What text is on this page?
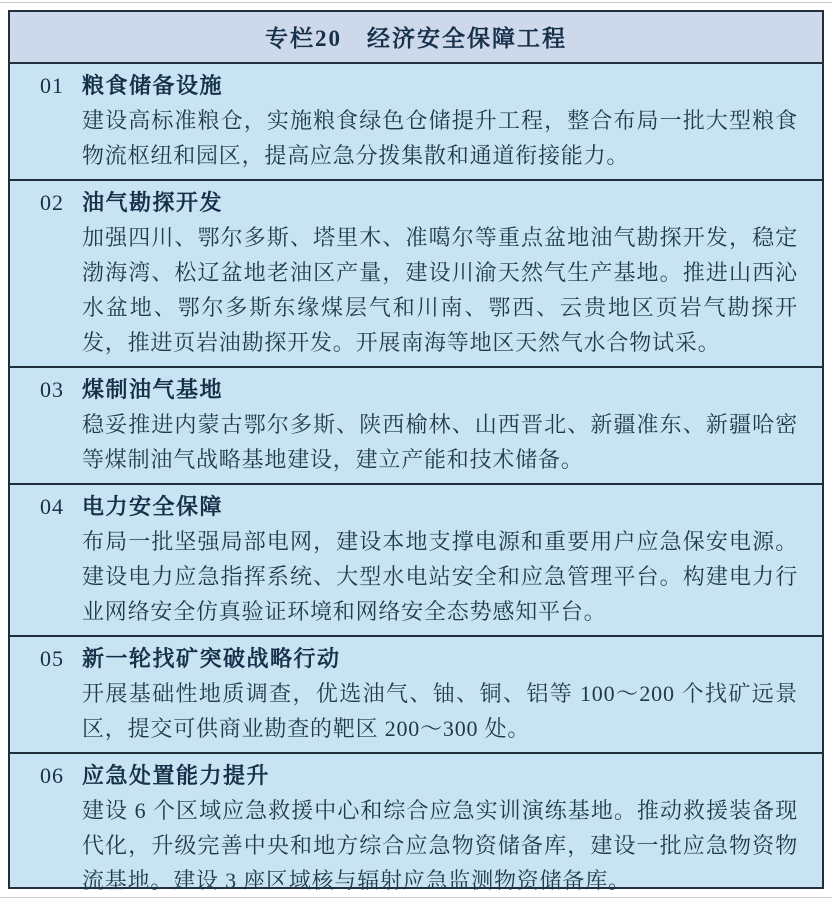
专栏20　经济安全保障工程
01 粮食储备设施

建设高标准粮仓，实施粮食绿色仓储提升工程，整合布局一批大型粮食物流枢纽和园区，提高应急分拨集散和通道衔接能力。

02 油气勘探开发

加强四川、鄂尔多斯、塔里木、准噶尔等重点盆地油气勘探开发，稳定渤海湾、松辽盆地老油区产量，建设川渝天然气生产基地。推进山西沁水盆地、鄂尔多斯东缘煤层气和川南、鄂西、云贵地区页岩气勘探开发，推进页岩油勘探开发。开展南海等地区天然气水合物试采。

03 煤制油气基地

稳妥推进内蒙古鄂尔多斯、陕西榆林、山西晋北、新疆准东、新疆哈密等煤制油气战略基地建设，建立产能和技术储备。

04 电力安全保障

布局一批坚强局部电网，建设本地支撑电源和重要用户应急保安电源。建设电力应急指挥系统、大型水电站安全和应急管理平台。构建电力行业网络安全仿真验证环境和网络安全态势感知平台。

05 新一轮找矿突破战略行动

开展基础性地质调查，优选油气、铀、铜、铝等 100～200 个找矿远景区，提交可供商业勘查的靶区 200～300 处。

06 应急处置能力提升

建设 6 个区域应急救援中心和综合应急实训演练基地。推动救援装备现代化，升级完善中央和地方综合应急物资储备库，建设一批应急物资物流基地。建设 3 座区域核与辐射应急监测物资储备库。
